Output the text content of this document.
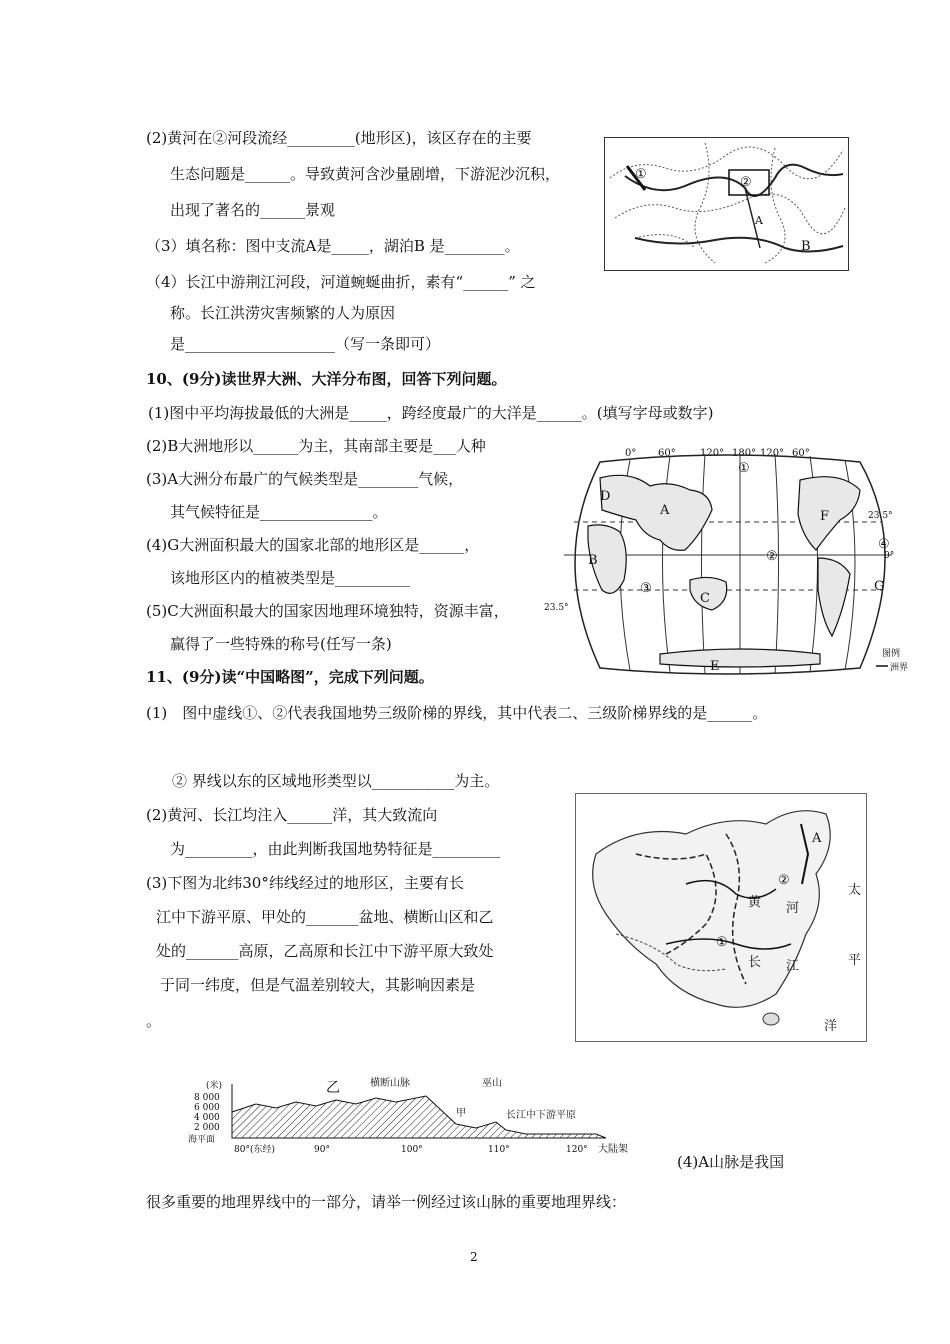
(2)黄河在②河段流经_________(地形区)，该区存在的主要
生态问题是______。导致黄河含沙量剧增，下游泥沙沉积，
出现了著名的______景观
（3）填名称：图中支流A是_____，湖泊B 是________。
（4）长江中游荆江河段，河道蜿蜒曲折，素有“______” 之
称。长江洪涝灾害频繁的人为原因
是____________________（写一条即可）
①
②
A
B
10、(9分)读世界大洲、大洋分布图，回答下列问题。
(1)图中平均海拔最低的大洲是_____，跨经度最广的大洋是______。(填写字母或数字)
(2)B大洲地形以______为主，其南部主要是___人种
(3)A大洲分布最广的气候类型是________气候，
其气候特征是_______________。
(4)G大洲面积最大的国家北部的地形区是______，
该地形区内的植被类型是__________
(5)C大洲面积最大的国家因地理环境独特，资源丰富，
赢得了一些特殊的称号(任写一条)
0° 60° 120° 180° 120° 60°
A
B
C
D
E
F
G
①
②
③
④
23.5°
0°
23.5°
图例
洲界
11、(9分)读“中国略图”，完成下列问题。
(1)　图中虚线①、②代表我国地势三级阶梯的界线，其中代表二、三级阶梯界线的是______。
② 界线以东的区域地形类型以___________为主。
(2)黄河、长江均注入______洋，其大致流向
为_________，由此判断我国地势特征是_________
(3)下图为北纬30°纬线经过的地形区，主要有长
江中下游平原、甲处的_______盆地、横断山区和乙
处的_______高原，乙高原和长江中下游平原大致处
于同一纬度，但是气温差别较大，其影响因素是
。
A
②
①
黄 河
长 江
太
平
洋
(米)
8 000
6 000
4 000
2 000
海平面
80°(东经)	90°	100°	110°	120°
乙	横断山脉	巫山
甲	长江中下游平原
大陆架
(4)A山脉是我国
很多重要的地理界线中的一部分，请举一例经过该山脉的重要地理界线：
2
